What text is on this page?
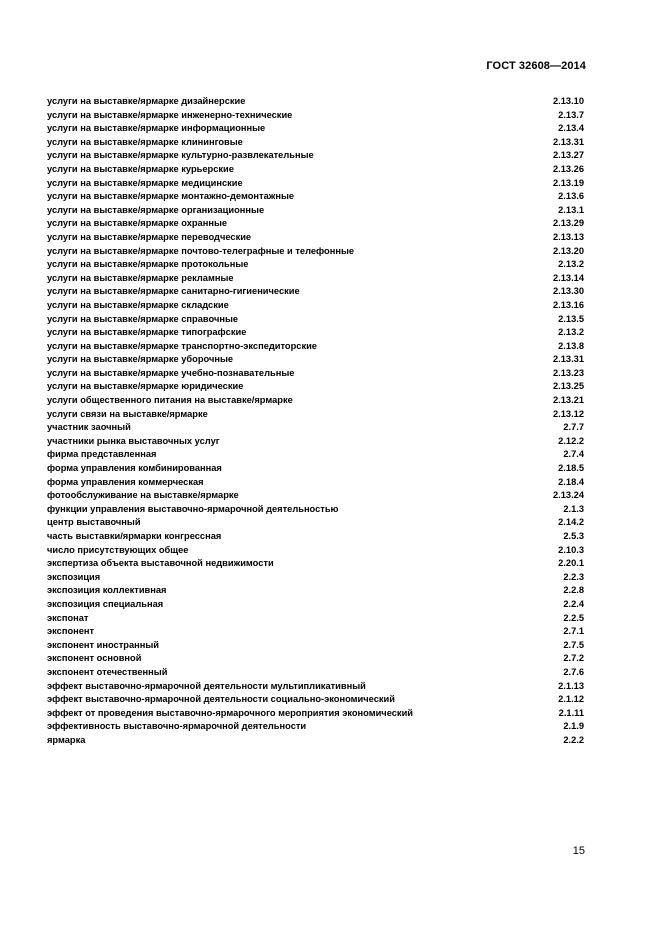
ГОСТ 32608—2014
услуги на выставке/ярмарке дизайнерские	2.13.10
услуги на выставке/ярмарке инженерно-технические	2.13.7
услуги на выставке/ярмарке информационные	2.13.4
услуги на выставке/ярмарке клининговые	2.13.31
услуги на выставке/ярмарке культурно-развлекательные	2.13.27
услуги на выставке/ярмарке курьерские	2.13.26
услуги на выставке/ярмарке медицинские	2.13.19
услуги на выставке/ярмарке монтажно-демонтажные	2.13.6
услуги на выставке/ярмарке организационные	2.13.1
услуги на выставке/ярмарке охранные	2.13.29
услуги на выставке/ярмарке переводческие	2.13.13
услуги на выставке/ярмарке почтово-телеграфные и телефонные	2.13.20
услуги на выставке/ярмарке протокольные	2.13.2
услуги на выставке/ярмарке рекламные	2.13.14
услуги на выставке/ярмарке санитарно-гигиенические	2.13.30
услуги на выставке/ярмарке складские	2.13.16
услуги на выставке/ярмарке справочные	2.13.5
услуги на выставке/ярмарке типографские	2.13.2
услуги на выставке/ярмарке транспортно-экспедиторские	2.13.8
услуги на выставке/ярмарке уборочные	2.13.31
услуги на выставке/ярмарке учебно-познавательные	2.13.23
услуги на выставке/ярмарке юридические	2.13.25
услуги общественного питания на выставке/ярмарке	2.13.21
услуги связи на выставке/ярмарке	2.13.12
участник заочный	2.7.7
участники рынка выставочных услуг	2.12.2
фирма представленная	2.7.4
форма управления комбинированная	2.18.5
форма управления коммерческая	2.18.4
фотообслуживание на выставке/ярмарке	2.13.24
функции управления выставочно-ярмарочной деятельностью	2.1.3
центр выставочный	2.14.2
часть выставки/ярмарки конгрессная	2.5.3
число присутствующих общее	2.10.3
экспертиза объекта выставочной недвижимости	2.20.1
экспозиция	2.2.3
экспозиция коллективная	2.2.8
экспозиция специальная	2.2.4
экспонат	2.2.5
экспонент	2.7.1
экспонент иностранный	2.7.5
экспонент основной	2.7.2
экспонент отечественный	2.7.6
эффект выставочно-ярмарочной деятельности мультипликативный	2.1.13
эффект выставочно-ярмарочной деятельности социально-экономический	2.1.12
эффект от проведения выставочно-ярмарочного мероприятия экономический	2.1.11
эффективность выставочно-ярмарочной деятельности	2.1.9
ярмарка	2.2.2
15
